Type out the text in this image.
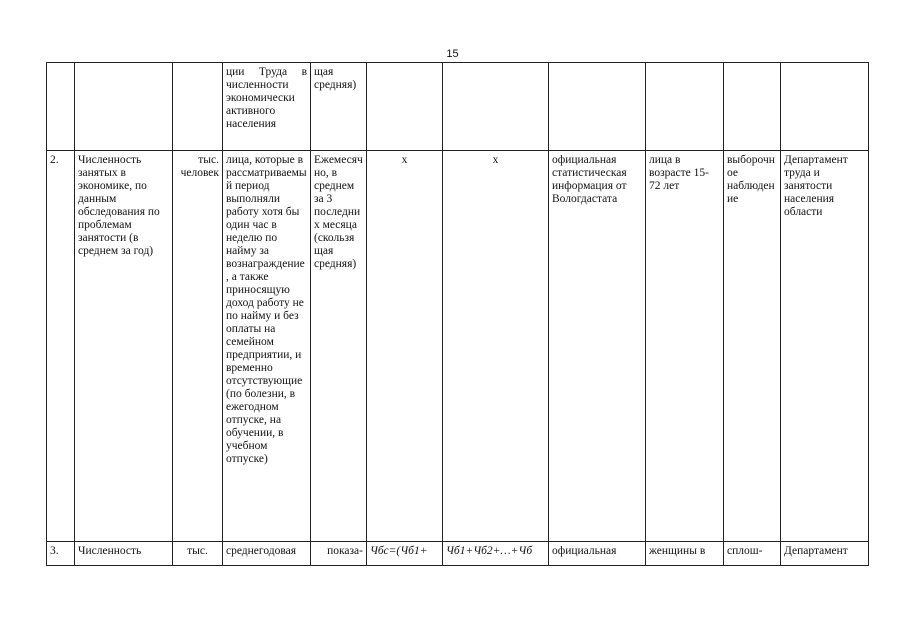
15
			ции Труда в численности экономически активного населения	щая средняя)						
2.	Численность занятых в экономике, по данным обследования по проблемам занятости (в среднем за год)	тыс. человек	лица, которые в рассматриваемый период выполняли работу хотя бы один час в неделю по найму за вознаграждение, а также приносящую доход работу не по найму и без оплаты на семейном предприятии, и временно отсутствующие (по болезни, в ежегодном отпуске, на обучении, в учебном отпуске)	Ежемесячно, в среднем за 3 последних месяца (скользящая средняя)	х	х	официальная статистическая информация от Вологдастата	лица в возрасте 15-72 лет	выборочное наблюдение	Департамент труда и занятости населения области
3.	Численность	тыс.	среднегодовая	показа-	Чбс=(Чб1+	Чб1+Чб2+…+Чб	официальная	женщины в	сплош-	Департамент
